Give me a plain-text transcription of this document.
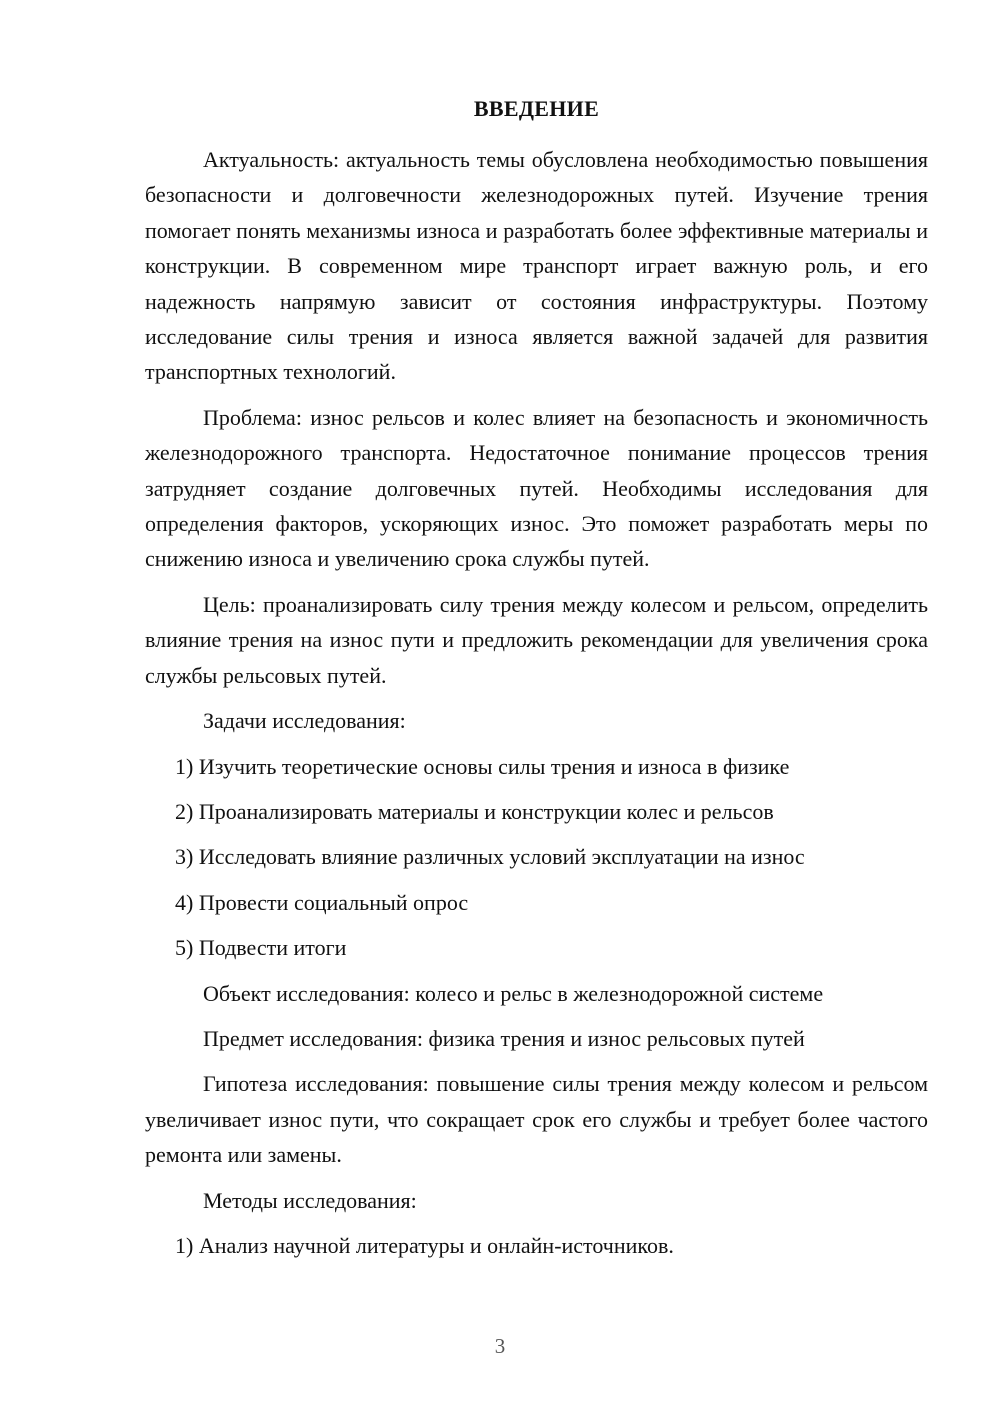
ВВЕДЕНИЕ

Актуальность: актуальность темы обусловлена необходимостью повышения безопасности и долговечности железнодорожных путей. Изучение трения помогает понять механизмы износа и разработать более эффективные материалы и конструкции. В современном мире транспорт играет важную роль, и его надежность напрямую зависит от состояния инфраструктуры. Поэтому исследование силы трения и износа является важной задачей для развития транспортных технологий.

Проблема: износ рельсов и колес влияет на безопасность и экономичность железнодорожного транспорта. Недостаточное понимание процессов трения затрудняет создание долговечных путей. Необходимы исследования для определения факторов, ускоряющих износ. Это поможет разработать меры по снижению износа и увеличению срока службы путей.

Цель: проанализировать силу трения между колесом и рельсом, определить влияние трения на износ пути и предложить рекомендации для увеличения срока службы рельсовых путей.

Задачи исследования:

1) Изучить теоретические основы силы трения и износа в физике

2) Проанализировать материалы и конструкции колес и рельсов

3) Исследовать влияние различных условий эксплуатации на износ

4) Провести социальный опрос

5) Подвести итоги

Объект исследования: колесо и рельс в железнодорожной системе

Предмет исследования: физика трения и износ рельсовых путей

Гипотеза исследования: повышение силы трения между колесом и рельсом увеличивает износ пути, что сокращает срок его службы и требует более частого ремонта или замены.

Методы исследования:

1) Анализ научной литературы и онлайн-источников.

3
